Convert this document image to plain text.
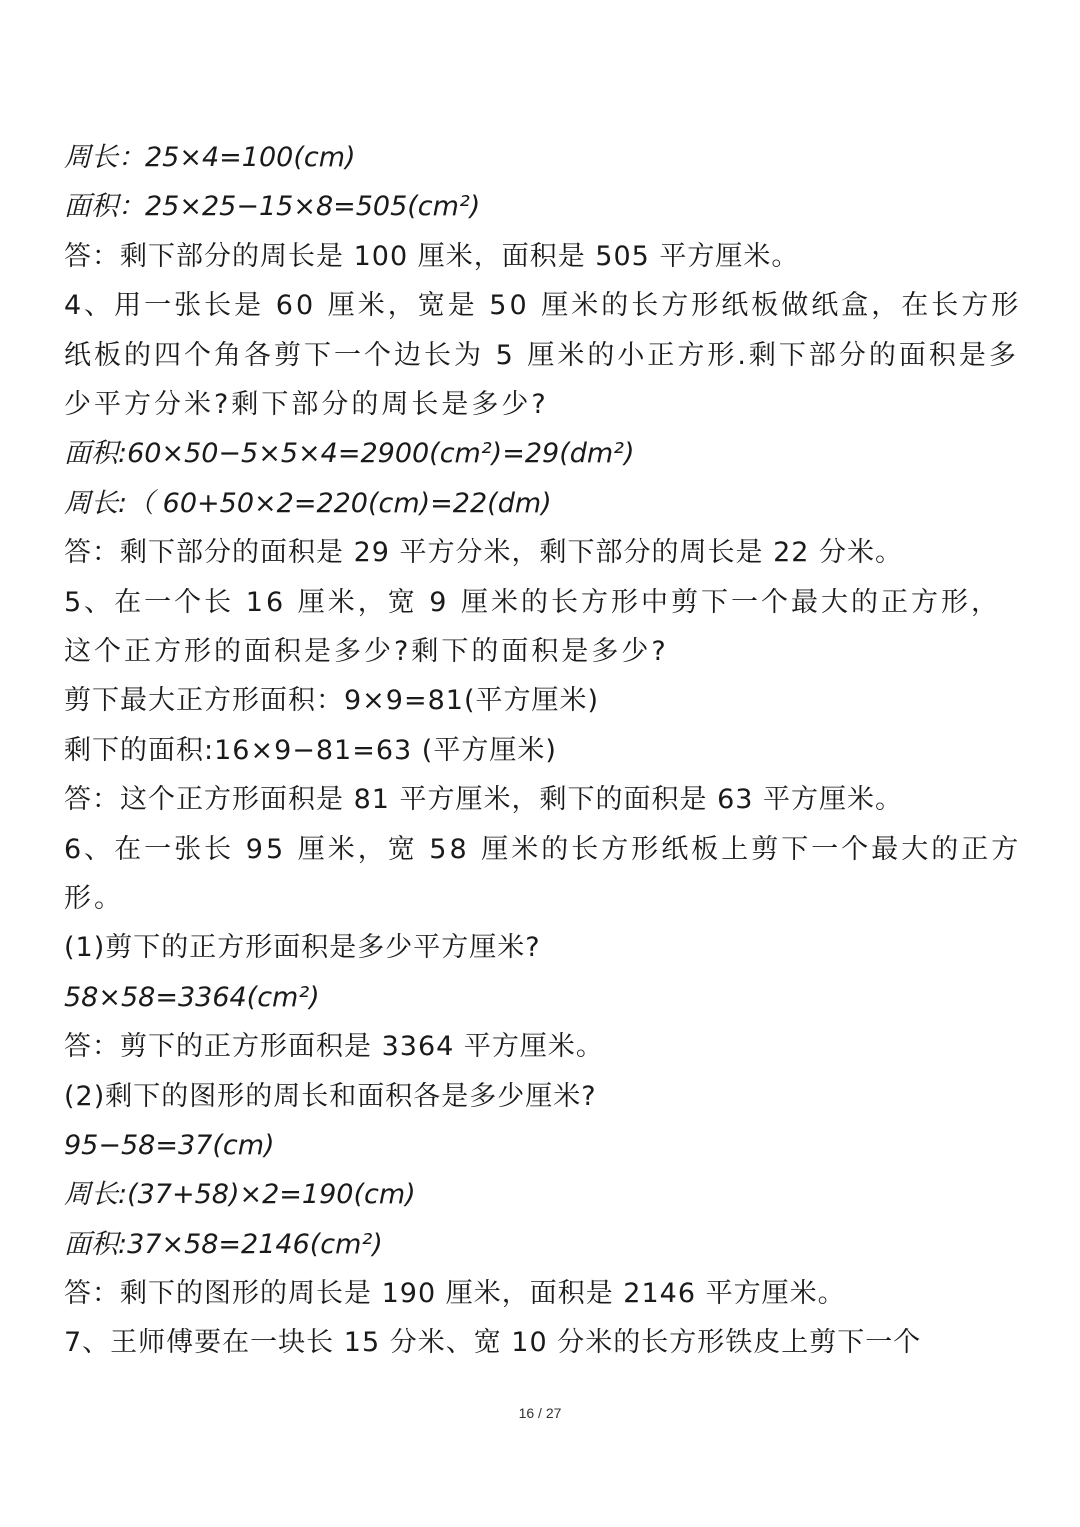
周长：25×4=100(cm)
面积：25×25−15×8=505(cm²)
答：剩下部分的周长是 100 厘米，面积是 505 平方厘米。
4、用一张长是 60 厘米，宽是 50 厘米的长方形纸板做纸盒，在长方形纸板的四个角各剪下一个边长为 5 厘米的小正方形.剩下部分的面积是多少平方分米?剩下部分的周长是多少?
面积:60×50−5×5×4=2900(cm²)=29(dm²)
周长:（ 60+50×2=220(cm)=22(dm)
答：剩下部分的面积是 29 平方分米，剩下部分的周长是 22 分米。
5、在一个长 16 厘米，宽 9 厘米的长方形中剪下一个最大的正方形，这个正方形的面积是多少?剩下的面积是多少?
剪下最大正方形面积：9×9=81(平方厘米)
剩下的面积:16×9−81=63 (平方厘米)
答：这个正方形面积是 81 平方厘米，剩下的面积是 63 平方厘米。
6、在一张长 95 厘米，宽 58 厘米的长方形纸板上剪下一个最大的正方形。
(1)剪下的正方形面积是多少平方厘米?
58×58=3364(cm²)
答：剪下的正方形面积是 3364 平方厘米。
(2)剩下的图形的周长和面积各是多少厘米?
95−58=37(cm)
周长:(37+58)×2=190(cm)
面积:37×58=2146(cm²)
答：剩下的图形的周长是 190 厘米，面积是 2146 平方厘米。
7、王师傅要在一块长 15 分米、宽 10 分米的长方形铁皮上剪下一个
16 / 27
